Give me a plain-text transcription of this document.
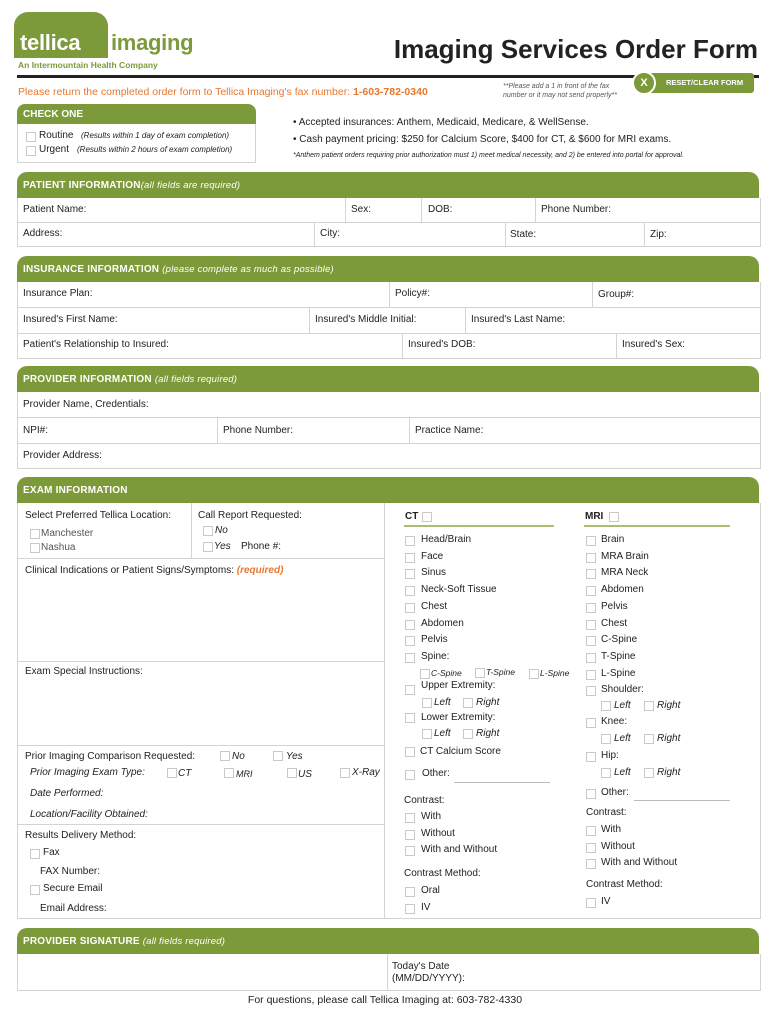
tellica imaging
An Intermountain Health Company
Imaging Services Order Form
Please return the completed order form to Tellica Imaging's fax number: 1-603-782-0340	**Please add a 1 in front of the fax
number or it may not send properly**
X	RESET/CLEAR FORM
CHECK ONE
Routine (Results within 1 day of exam completion)
Urgent (Results within 2 hours of exam completion)
• Accepted insurances: Anthem, Medicaid, Medicare, & WellSense.
• Cash payment pricing: $250 for Calcium Score, $400 for CT, & $600 for MRI exams.
*Anthem patient orders requiring prior authorization must 1) meet medical necessity, and 2) be entered into portal for approval.
PATIENT INFORMATION(all fields are required)
Patient Name:	Sex:	DOB:	Phone Number:
Address:	City:	State:	Zip:
INSURANCE INFORMATION (please complete as much as possible)
Insurance Plan:	Policy#:	Group#:
Insured's First Name:	Insured's Middle Initial:	Insured's Last Name:
Patient's Relationship to Insured:	Insured's DOB:	Insured's Sex:
PROVIDER INFORMATION (all fields required)
Provider Name, Credentials:
NPI#:	Phone Number:	Practice Name:
Provider Address:
EXAM INFORMATION
Select Preferred Tellica Location:
Manchester
Nashua
Call Report Requested:
No
Yes Phone #:
Clinical Indications or Patient Signs/Symptoms: (required)
Exam Special Instructions:
Prior Imaging Comparison Requested:	No	Yes
Prior Imaging Exam Type:	CT	MRI	US	X-Ray
Date Performed:
Location/Facility Obtained:
Results Delivery Method:
Fax
FAX Number:
Secure Email
Email Address:
CT
Head/Brain
Face
Sinus
Neck-Soft Tissue
Chest
Abdomen
Pelvis
Spine:
C-Spine	T-Spine	L-Spine
Upper Extremity:
Left	Right
Lower Extremity:
Left	Right
CT Calcium Score
Other:
Contrast:
With
Without
With and Without
Contrast Method:
Oral
IV
MRI
Brain
MRA Brain
MRA Neck
Abdomen
Pelvis
Chest
C-Spine
T-Spine
L-Spine
Shoulder:
Left	Right
Knee:
Left	Right
Hip:
Left	Right
Other:
Contrast:
With
Without
With and Without
Contrast Method:
IV
PROVIDER SIGNATURE (all fields required)
Today's Date
(MM/DD/YYYY):
For questions, please call Tellica Imaging at: 603-782-4330
